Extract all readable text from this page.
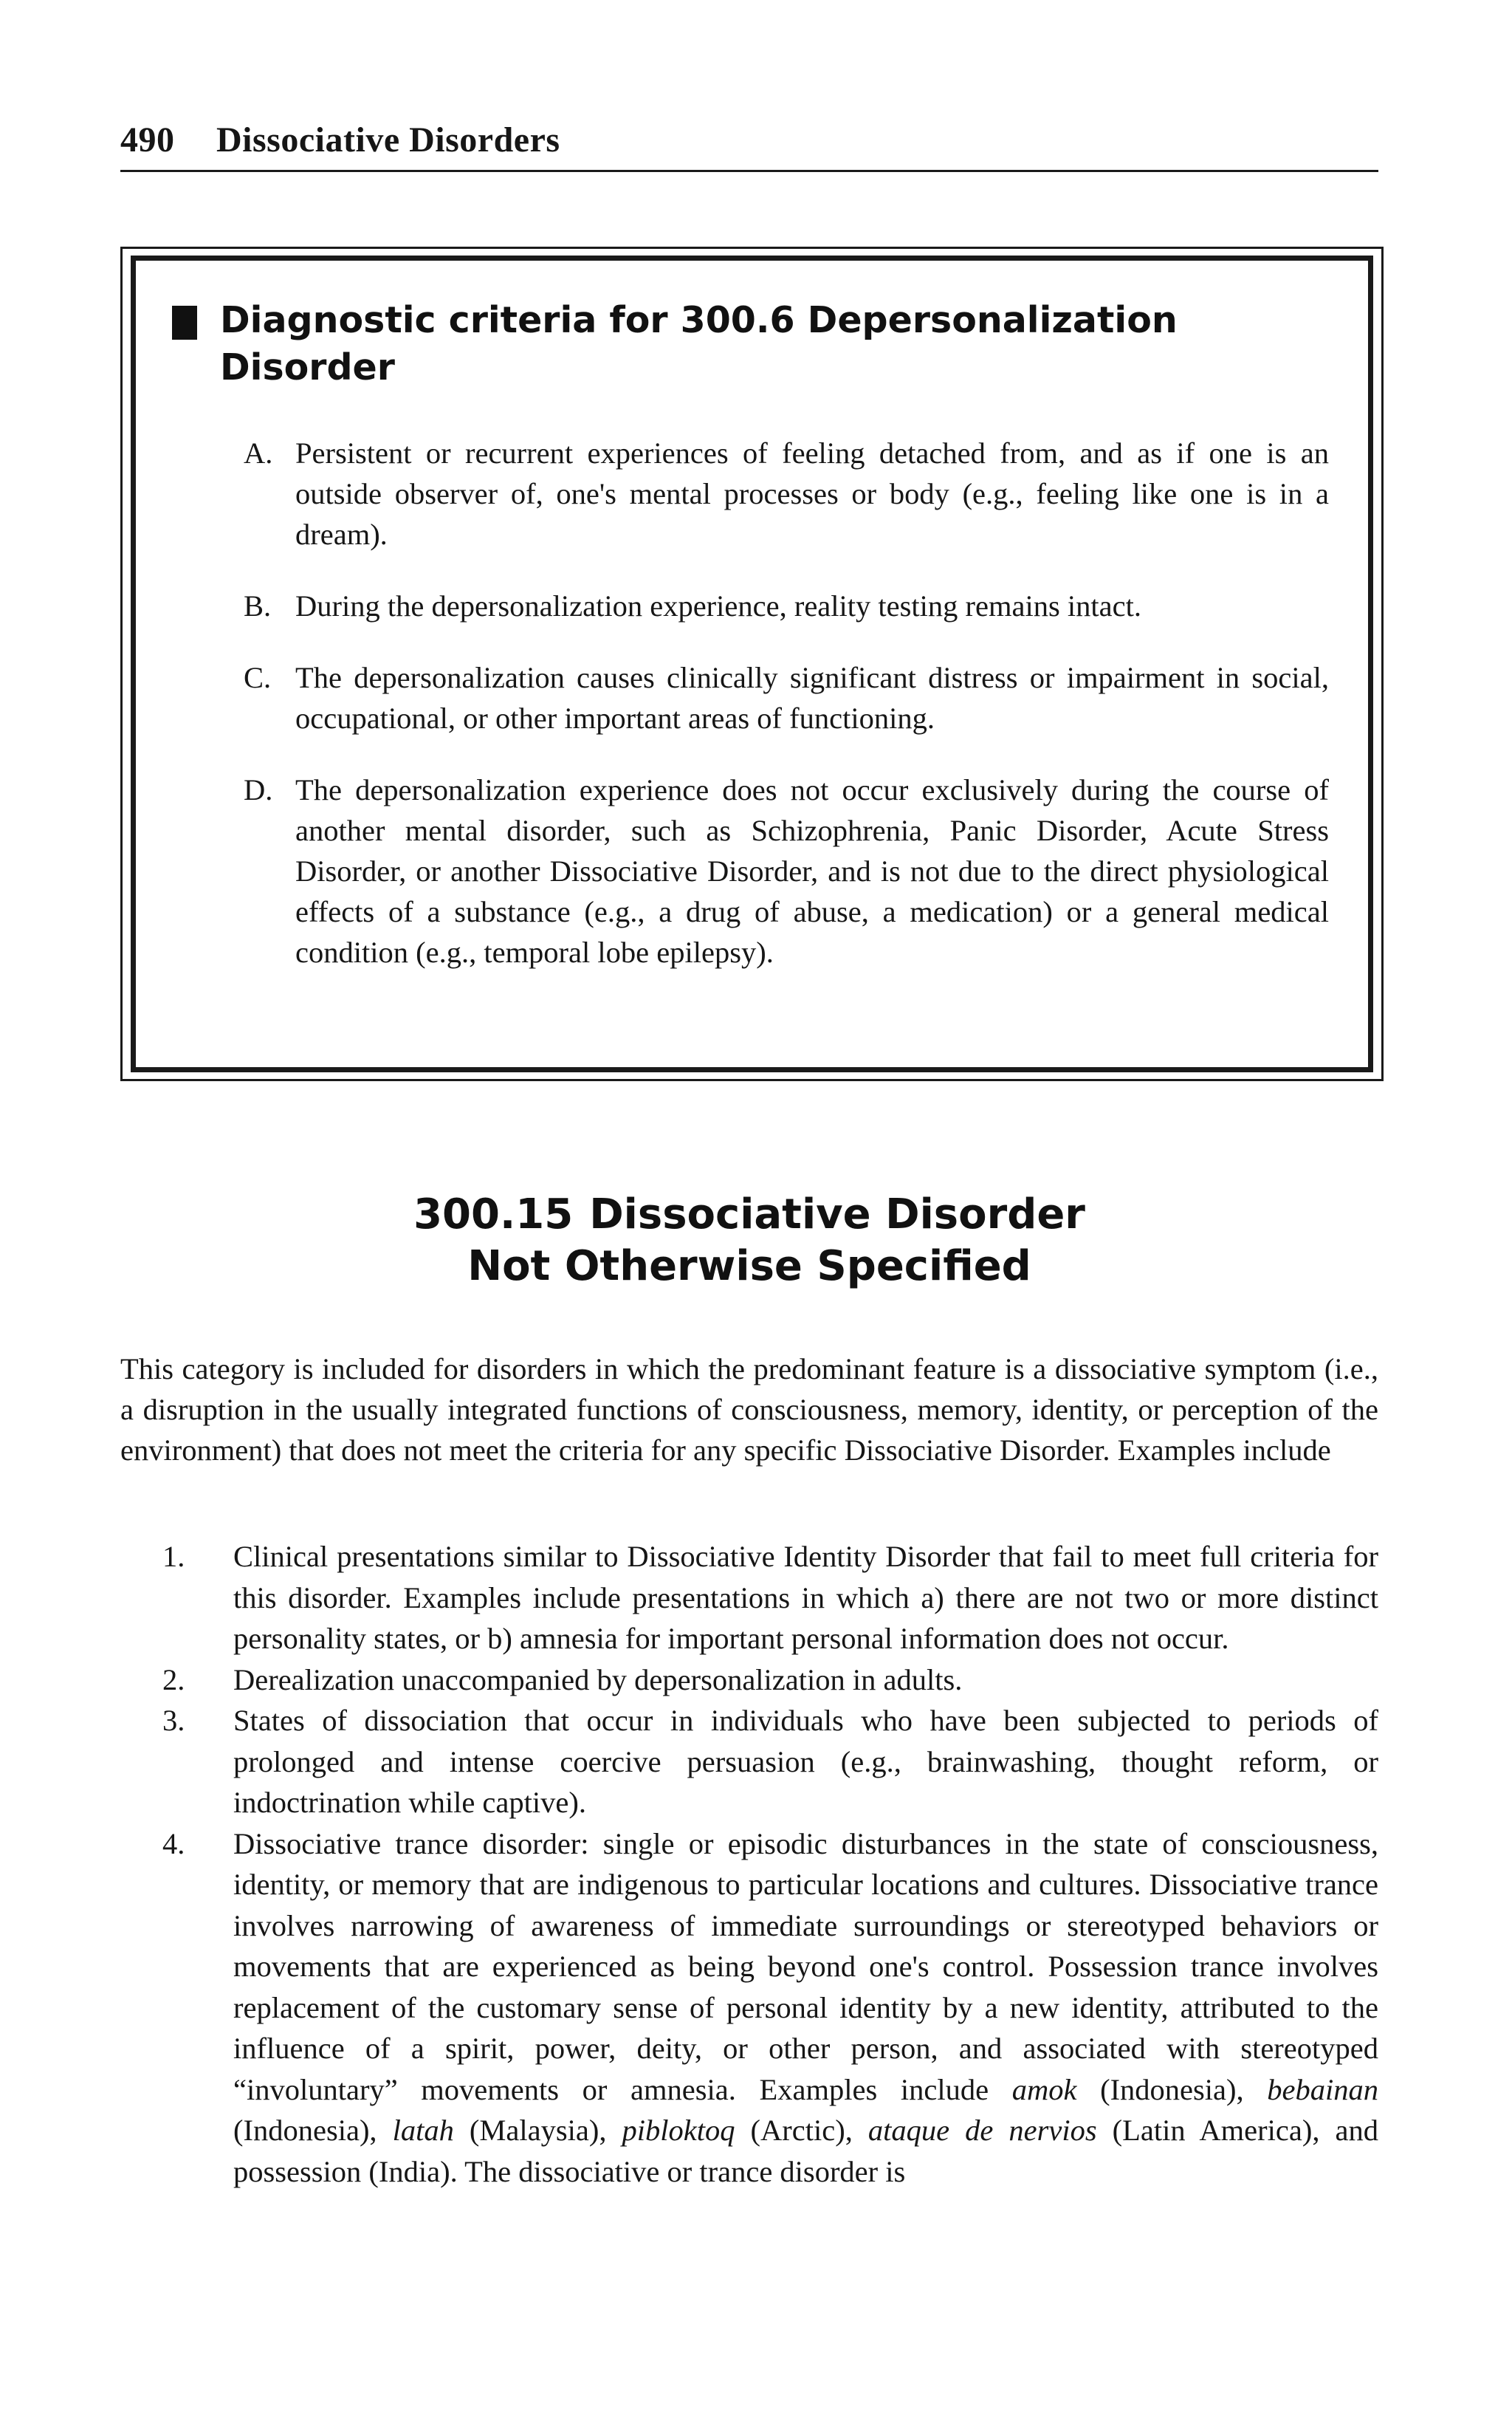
490 Dissociative Disorders
Diagnostic criteria for 300.6 Depersonalization Disorder
A. Persistent or recurrent experiences of feeling detached from, and as if one is an outside observer of, one's mental processes or body (e.g., feeling like one is in a dream).
B. During the depersonalization experience, reality testing remains intact.
C. The depersonalization causes clinically significant distress or impairment in social, occupational, or other important areas of functioning.
D. The depersonalization experience does not occur exclusively during the course of another mental disorder, such as Schizophrenia, Panic Disorder, Acute Stress Disorder, or another Dissociative Disorder, and is not due to the direct physiological effects of a substance (e.g., a drug of abuse, a medication) or a general medical condition (e.g., temporal lobe epilepsy).
300.15 Dissociative Disorder
Not Otherwise Specified

This category is included for disorders in which the predominant feature is a dissociative symptom (i.e., a disruption in the usually integrated functions of consciousness, memory, identity, or perception of the environment) that does not meet the criteria for any specific Dissociative Disorder. Examples include

1. Clinical presentations similar to Dissociative Identity Disorder that fail to meet full criteria for this disorder. Examples include presentations in which a) there are not two or more distinct personality states, or b) amnesia for important personal information does not occur.
2. Derealization unaccompanied by depersonalization in adults.
3. States of dissociation that occur in individuals who have been subjected to periods of prolonged and intense coercive persuasion (e.g., brainwashing, thought reform, or indoctrination while captive).
4. Dissociative trance disorder: single or episodic disturbances in the state of consciousness, identity, or memory that are indigenous to particular locations and cultures. Dissociative trance involves narrowing of awareness of immediate surroundings or stereotyped behaviors or movements that are experienced as being beyond one's control. Possession trance involves replacement of the customary sense of personal identity by a new identity, attributed to the influence of a spirit, power, deity, or other person, and associated with stereotyped “involuntary” movements or amnesia. Examples include amok (Indonesia), bebainan (Indonesia), latah (Malaysia), pibloktoq (Arctic), ataque de nervios (Latin America), and possession (India). The dissociative or trance disorder is
